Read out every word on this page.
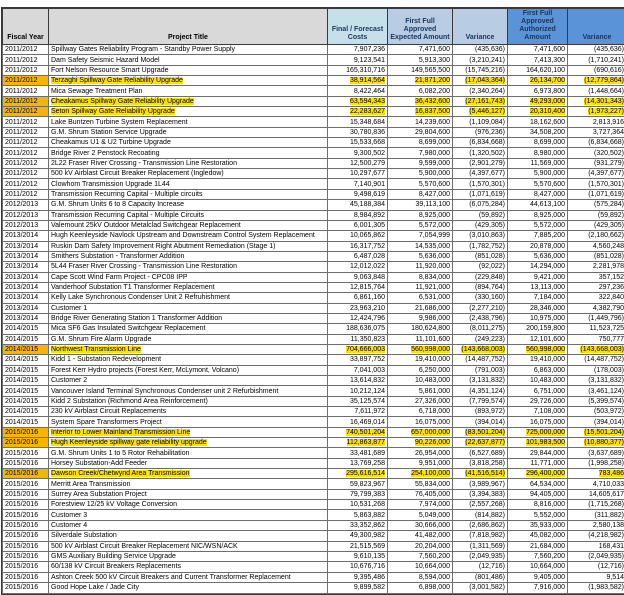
Fiscal Year	Project Title	Final / Forecast Costs	First Full Approved Expected Amount	Variance	First Full Approved Authorized Amount	Variance
2011/2012	Spillway Gates Reliability Program - Standby Power Supply	7,907,236	7,471,600	(435,636)	7,471,600	(435,636)
2011/2012	Dam Safety Seismic Hazard Model	9,123,541	5,913,300	(3,210,241)	7,413,300	(1,710,241)
2011/2012	Fort Nelson Resource Smart Upgrade	165,310,716	149,565,500	(15,745,216)	164,620,100	(690,616)
2011/2012	Terzaghi Spillway Gate Reliability Upgrade	38,914,564	21,871,200	(17,043,364)	26,134,700	(12,779,864)
2011/2012	Mica Sewage Treatment Plan	8,422,464	6,082,200	(2,340,264)	6,973,800	(1,448,664)
2011/2012	Cheakamus Spillway Gate Reliability Upgrade	63,594,343	36,432,600	(27,161,743)	49,293,000	(14,301,343)
2011/2012	Seton Spillway Gate Reliability Upgrade	22,283,627	16,837,500	(5,446,127)	20,310,400	(1,973,227)
2011/2012	Lake Buntzen Turbine System Replacement	15,348,684	14,239,600	(1,109,084)	18,162,600	2,813,916
2011/2012	G.M. Shrum Station Service Upgrade	30,780,836	29,804,600	(976,236)	34,508,200	3,727,364
2011/2012	Cheakamus U1 & U2 Turbine Upgrade	15,533,668	8,699,000	(6,834,668)	8,699,000	(6,834,668)
2011/2012	Bridge River 2 Penstock Recoating	9,300,502	7,980,000	(1,320,502)	8,980,000	(320,502)
2011/2012	2L22 Fraser River Crossing - Transmission Line Restoration	12,500,279	9,599,000	(2,901,279)	11,569,000	(931,279)
2011/2012	500 kV Airblast Circuit Breaker Replacement (Ingledow)	10,297,677	5,900,000	(4,397,677)	5,900,000	(4,397,677)
2011/2012	Clowhom Transmission Upgrade 1L44	7,140,901	5,570,600	(1,570,301)	5,570,600	(1,570,301)
2011/2012	Transmission Recurring Capital - Multiple circuits	9,498,619	8,427,000	(1,071,619)	8,427,000	(1,071,619)
2012/2013	G.M. Shrum Units 6 to 8 Capacity Increase	45,188,384	39,113,100	(6,075,284)	44,613,100	(575,284)
2012/2013	Transmission Recurring Capital - Multiple Circuits	8,984,892	8,925,000	(59,892)	8,925,000	(59,892)
2012/2013	Valemount 25kV Outdoor Metalclad Switchgear Replacement	6,001,305	5,572,000	(429,305)	5,572,000	(429,305)
2013/2014	Hugh Keenleyside Navlock Upstream and Downstream Control System Replacement	10,065,862	7,054,999	(3,010,863)	7,885,200	(2,180,662)
2013/2014	Ruskin Dam Safety Improvement Right Abutment Remediation (Stage 1)	16,317,752	14,535,000	(1,782,752)	20,878,000	4,560,248
2013/2014	Smithers Substation - Transformer Addition	6,487,028	5,636,000	(851,028)	5,636,000	(851,028)
2013/2014	5L44 Fraser River Crossing - Transmission Line Restoration	12,012,022	11,920,000	(92,022)	14,294,000	2,281,978
2013/2014	Cape Scott Wind Farm Project - CPC08 IPP	9,063,848	8,834,000	(229,848)	9,421,000	357,152
2013/2014	Vanderhoof Substation T1 Transformer Replacement	12,815,764	11,921,000	(894,764)	13,113,000	297,236
2013/2014	Kelly Lake Synchronous Condenser Unit 2 Refruhishment	6,861,160	6,531,000	(330,160)	7,184,000	322,840
2013/2014	Customer 1	23,963,210	21,686,000	(2,277,210)	28,346,000	4,382,790
2013/2014	Bridge River Generating Station 1 Transformer Addition	12,424,796	9,986,000	(2,438,796)	10,975,000	(1,449,796)
2014/2015	Mica SF6 Gas Insulated Switchgear Replacement	188,636,075	180,624,800	(8,011,275)	200,159,800	11,523,725
2014/2015	G.M. Shrum Fire Alarm Upgrade	11,350,823	11,101,600	(249,223)	12,101,600	750,777
2014/2015	Northwest Transmission Line	704,666,003	560,998,000	(143,668,003)	560,998,000	(143,668,003)
2014/2015	Kidd 1 - Substation Redevelopment	33,897,752	19,410,000	(14,487,752)	19,410,000	(14,487,752)
2014/2015	Forest Kerr Hydro projects (Forest Kerr, McLymont, Volcano)	7,041,003	6,250,000	(791,003)	6,863,000	(178,003)
2014/2015	Customer 2	13,614,832	10,483,000	(3,131,832)	10,483,000	(3,131,832)
2014/2015	Vancouver Island Terminal Synchronous Condenser unit 2 Refurbishment	10,212,124	5,861,000	(4,351,124)	6,751,000	(3,461,124)
2014/2015	Kidd 2 Substation (Richmond Area Reinforcement)	35,125,574	27,326,000	(7,799,574)	29,726,000	(5,399,574)
2014/2015	230 kV Airblast Circuit Replacements	7,611,972	6,718,000	(893,972)	7,108,000	(503,972)
2014/2015	System Spare Transformers Project	16,469,014	16,075,000	(394,014)	16,075,000	(394,014)
2015/2016	Interior to Lower Mainland Transmission Line	740,501,204	657,000,000	(83,501,204)	725,000,000	(15,501,204)
2015/2016	Hugh Keenleyside spillway gate reliability upgrade	112,863,877	90,226,000	(22,637,877)	101,983,500	(10,880,377)
2015/2016	G.M. Shrum Units 1 to 5 Rotor Rehabilitation	33,481,689	26,954,000	(6,527,689)	29,844,000	(3,637,689)
2015/2016	Horsey Substation-Add Feeder	13,769,258	9,951,000	(3,818,258)	11,771,000	(1,998,258)
2015/2016	Dawson Creek/Chetwynd Area Transmission	295,616,514	254,100,000	(41,516,514)	296,400,000	783,486
2015/2016	Merritt Area Transmission	59,823,967	55,834,000	(3,989,967)	64,534,000	4,710,033
2015/2016	Surrey Area Substation Project	79,799,383	76,405,000	(3,394,383)	94,405,000	14,605,617
2015/2016	Forestview 12/25 kV Voltage Conversion	10,531,268	7,974,000	(2,557,268)	8,816,000	(1,715,268)
2015/2016	Customer 3	5,863,882	5,049,000	(814,882)	5,552,000	(311,882)
2015/2016	Customer 4	33,352,862	30,666,000	(2,686,862)	35,933,000	2,580,138
2015/2016	Silverdale Substation	49,300,982	41,482,000	(7,818,982)	45,082,000	(4,218,982)
2015/2016	500 kV Airblast Circuit Breaker Replacement NIC/WSN/ACK	21,515,569	20,204,000	(1,311,569)	21,684,000	168,431
2015/2016	GMS Auxiliary Building Service Upgrade	9,610,135	7,560,200	(2,049,935)	7,560,200	(2,049,935)
2015/2016	60/138 kV Circuit Breakers Replacements	10,676,716	10,664,000	(12,716)	10,664,000	(12,716)
2015/2016	Ashton Creek 500 kV Circuit Breakers and Current Transformer Replacement	9,395,486	8,594,000	(801,486)	9,405,000	9,514
2015/2016	Good Hope Lake / Jade City	9,899,582	6,898,000	(3,001,582)	7,916,000	(1,983,582)
